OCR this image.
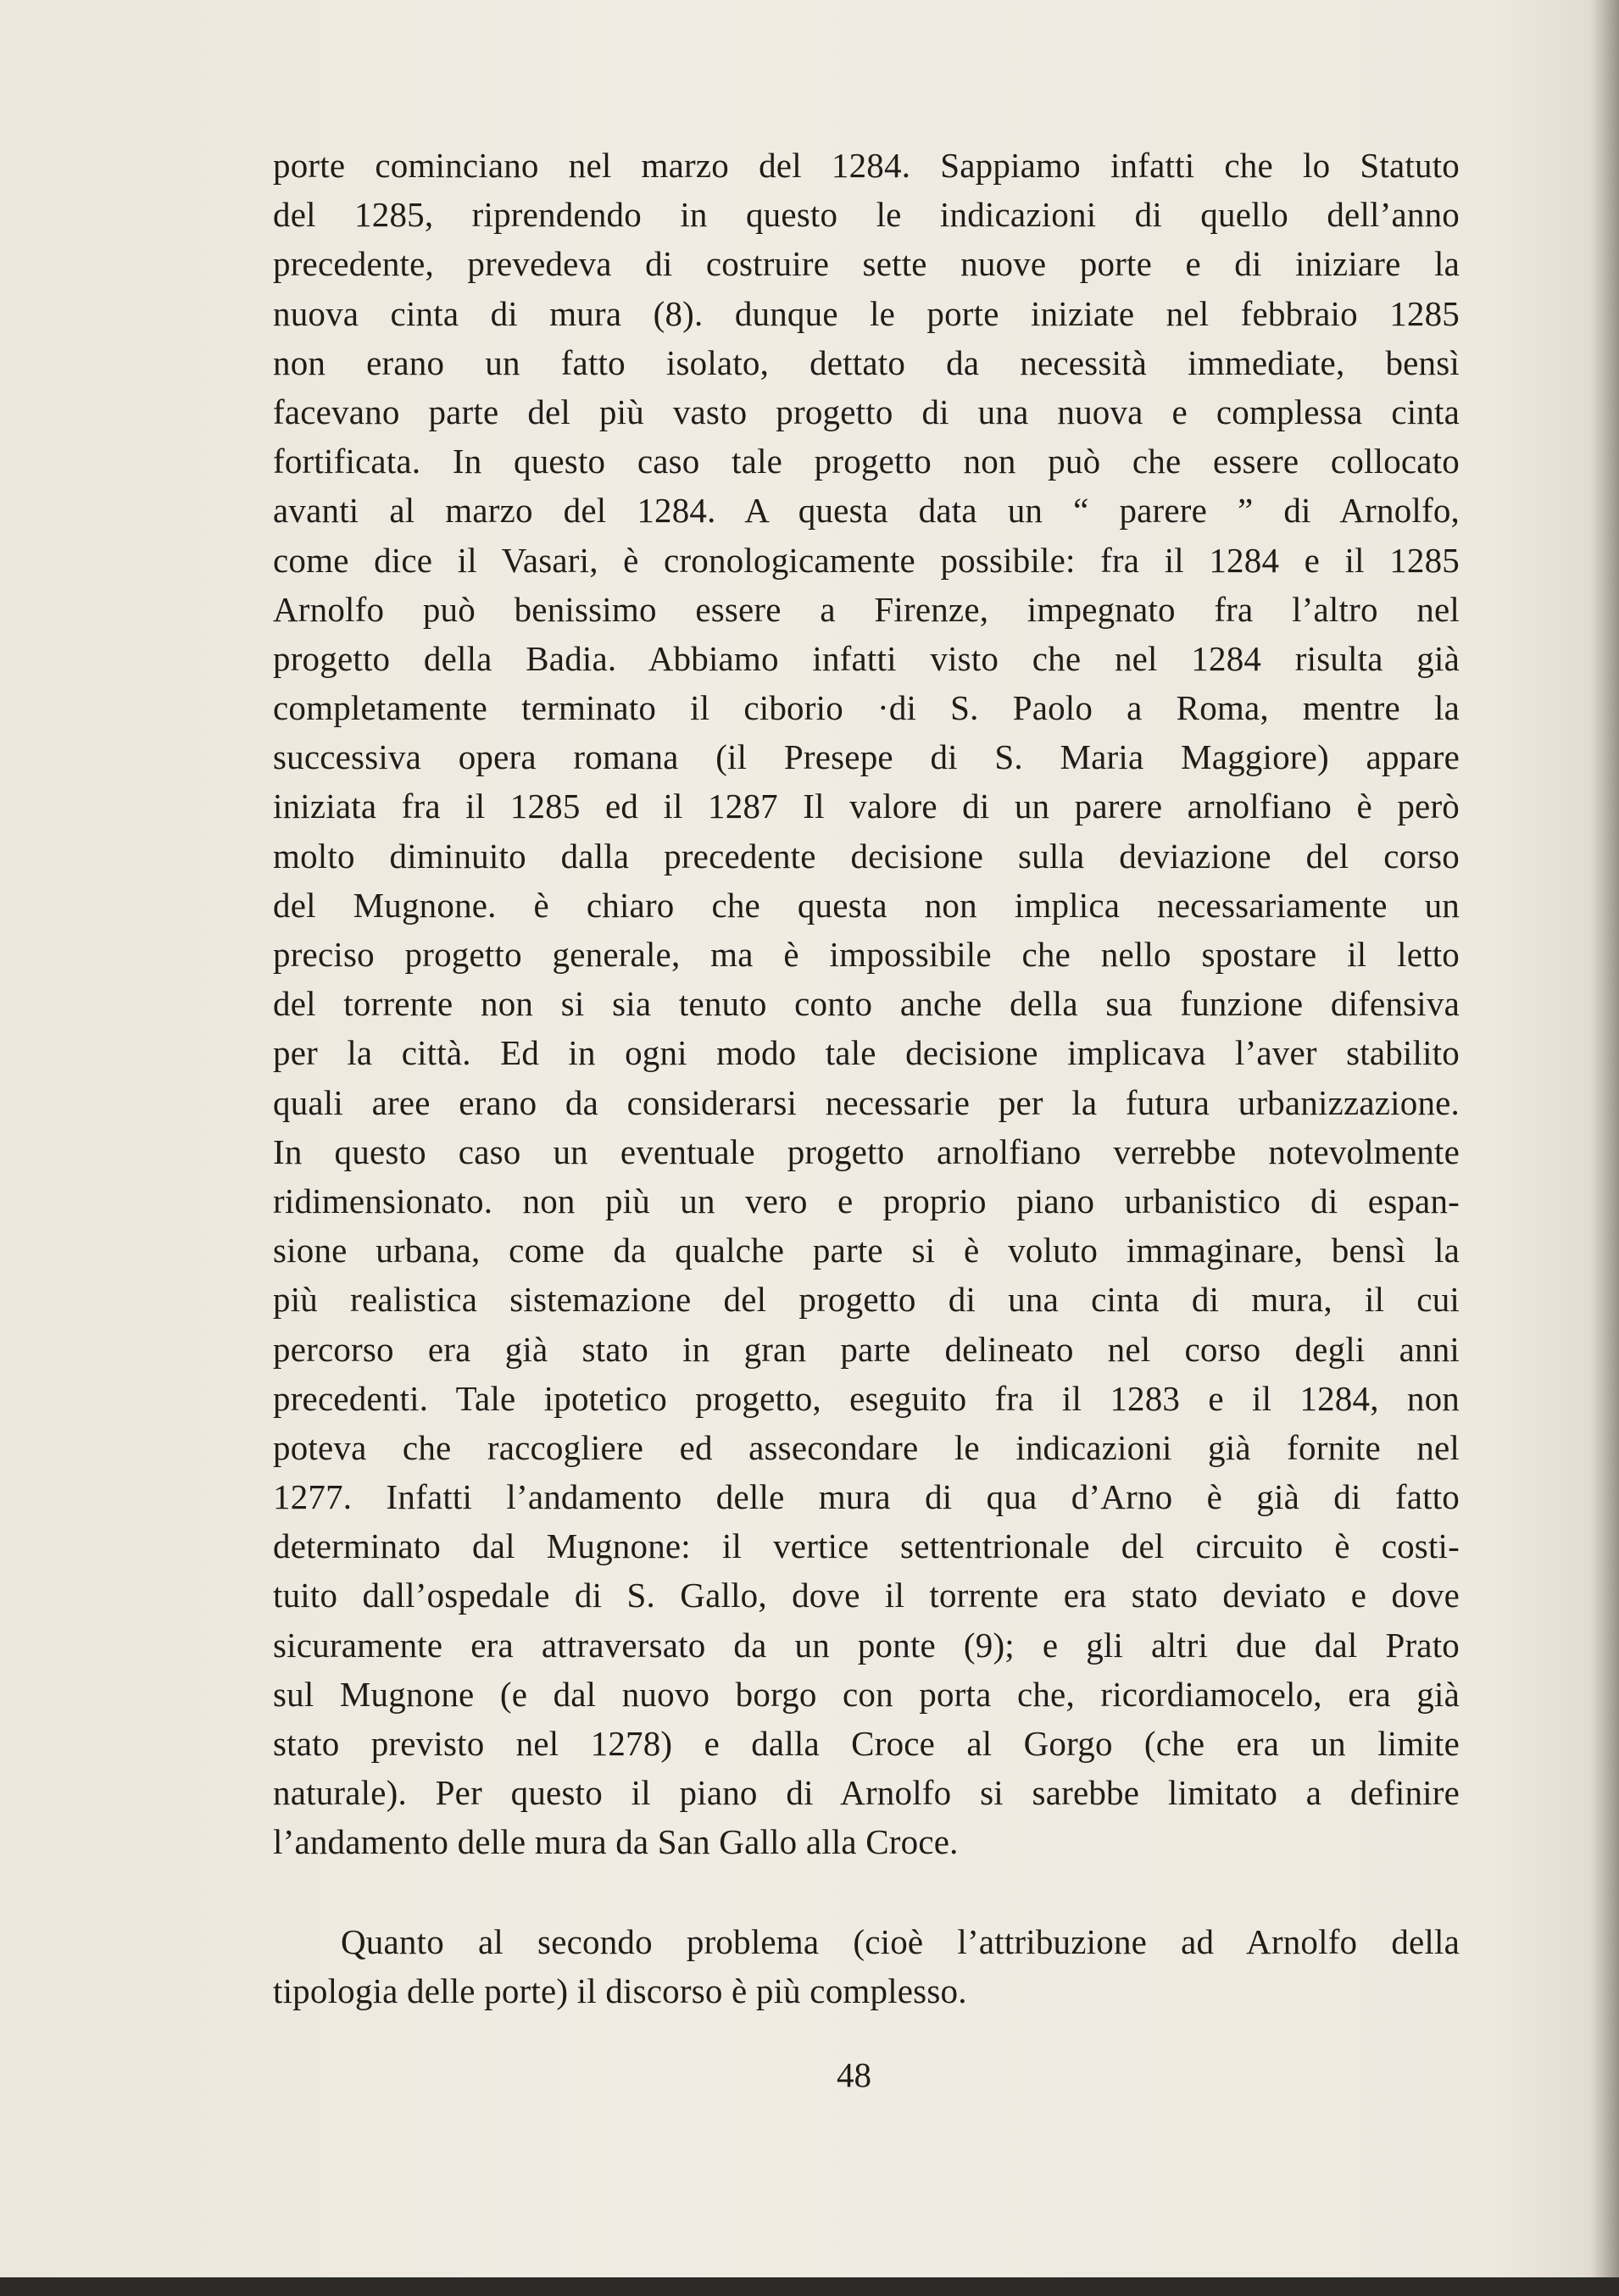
porte cominciano nel marzo del 1284. Sappiamo infatti che lo Statuto
del 1285, riprendendo in questo le indicazioni di quello dell’anno
precedente, prevedeva di costruire sette nuove porte e di iniziare la
nuova cinta di mura (8). dunque le porte iniziate nel febbraio 1285
non erano un fatto isolato, dettato da necessità immediate, bensì
facevano parte del più vasto progetto di una nuova e complessa cinta
fortificata. In questo caso tale progetto non può che essere collocato
avanti al marzo del 1284. A questa data un “ parere ” di Arnolfo,
come dice il Vasari, è cronologicamente possibile: fra il 1284 e il 1285
Arnolfo può benissimo essere a Firenze, impegnato fra l’altro nel
progetto della Badia. Abbiamo infatti visto che nel 1284 risulta già
completamente terminato il ciborio ·di S. Paolo a Roma, mentre la
successiva opera romana (il Presepe di S. Maria Maggiore) appare
iniziata fra il 1285 ed il 1287 Il valore di un parere arnolfiano è però
molto diminuito dalla precedente decisione sulla deviazione del corso
del Mugnone. è chiaro che questa non implica necessariamente un
preciso progetto generale, ma è impossibile che nello spostare il letto
del torrente non si sia tenuto conto anche della sua funzione difensiva
per la città. Ed in ogni modo tale decisione implicava l’aver stabilito
quali aree erano da considerarsi necessarie per la futura urbanizzazione.
In questo caso un eventuale progetto arnolfiano verrebbe notevolmente
ridimensionato. non più un vero e proprio piano urbanistico di espan-
sione urbana, come da qualche parte si è voluto immaginare, bensì la
più realistica sistemazione del progetto di una cinta di mura, il cui
percorso era già stato in gran parte delineato nel corso degli anni
precedenti. Tale ipotetico progetto, eseguito fra il 1283 e il 1284, non
poteva che raccogliere ed assecondare le indicazioni già fornite nel
1277. Infatti l’andamento delle mura di qua d’Arno è già di fatto
determinato dal Mugnone: il vertice settentrionale del circuito è costi-
tuito dall’ospedale di S. Gallo, dove il torrente era stato deviato e dove
sicuramente era attraversato da un ponte (9); e gli altri due dal Prato
sul Mugnone (e dal nuovo borgo con porta che, ricordiamocelo, era già
stato previsto nel 1278) e dalla Croce al Gorgo (che era un limite
naturale). Per questo il piano di Arnolfo si sarebbe limitato a definire
l’andamento delle mura da San Gallo alla Croce.
Quanto al secondo problema (cioè l’attribuzione ad Arnolfo della
tipologia delle porte) il discorso è più complesso.
48
